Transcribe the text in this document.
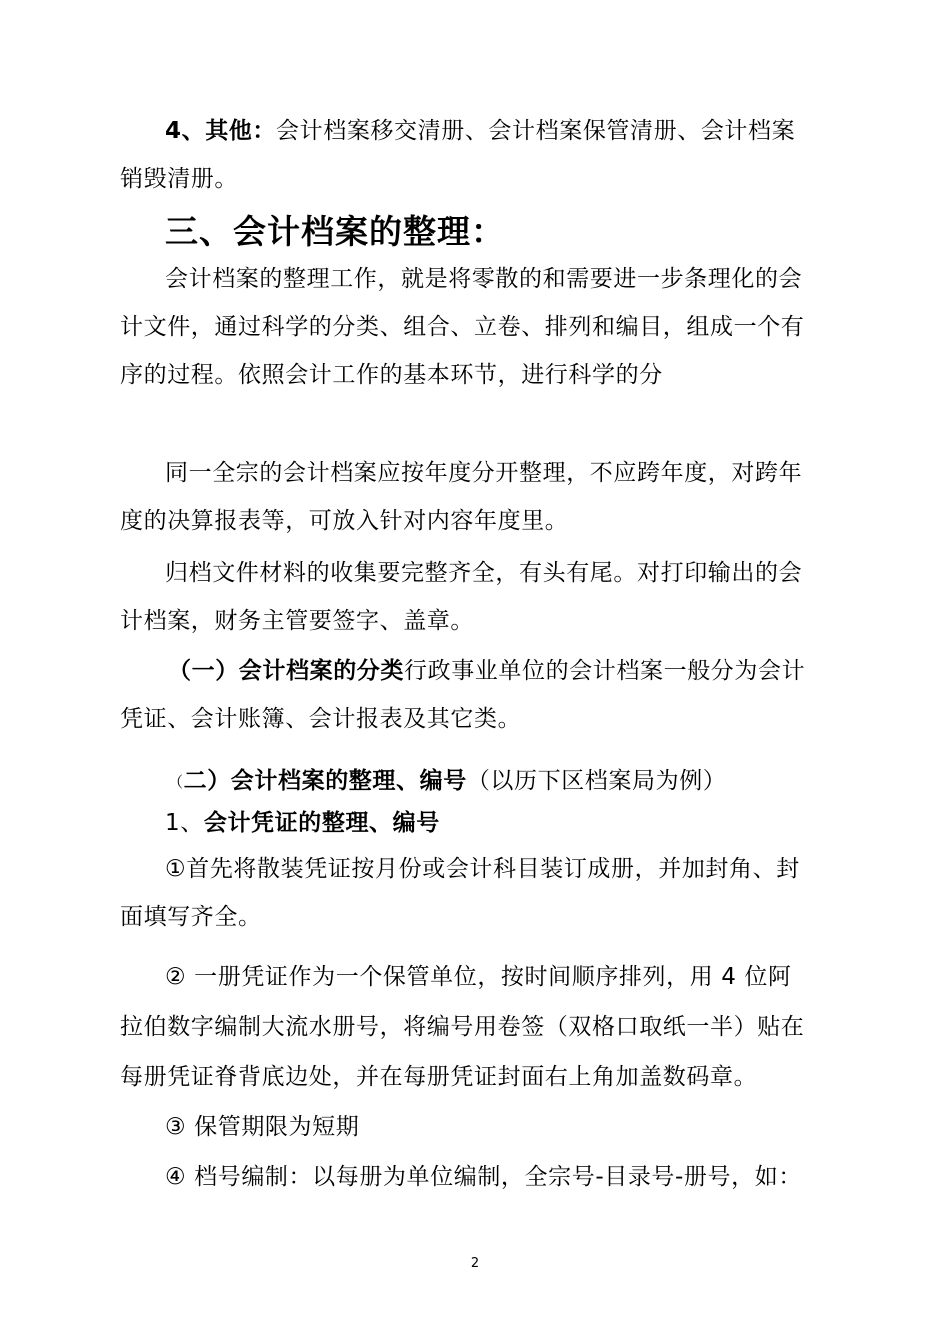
4、其他：会计档案移交清册、会计档案保管清册、会计档案
销毁清册。
三、会计档案的整理：
会计档案的整理工作，就是将零散的和需要进一步条理化的会
计文件，通过科学的分类、组合、立卷、排列和编目，组成一个有
序的过程。依照会计工作的基本环节，进行科学的分
同一全宗的会计档案应按年度分开整理，不应跨年度，对跨年
度的决算报表等，可放入针对内容年度里。
归档文件材料的收集要完整齐全，有头有尾。对打印输出的会
计档案，财务主管要签字、盖章。
（一）会计档案的分类行政事业单位的会计档案一般分为会计
凭证、会计账簿、会计报表及其它类。
（二）会计档案的整理、编号（以历下区档案局为例）
1、会计凭证的整理、编号
①首先将散装凭证按月份或会计科目装订成册，并加封角、封
面填写齐全。
② 一册凭证作为一个保管单位，按时间顺序排列，用 4 位阿
拉伯数字编制大流水册号，将编号用卷签（双格口取纸一半）贴在
每册凭证脊背底边处，并在每册凭证封面右上角加盖数码章。
③ 保管期限为短期
④ 档号编制：以每册为单位编制，全宗号-目录号-册号，如：
2
